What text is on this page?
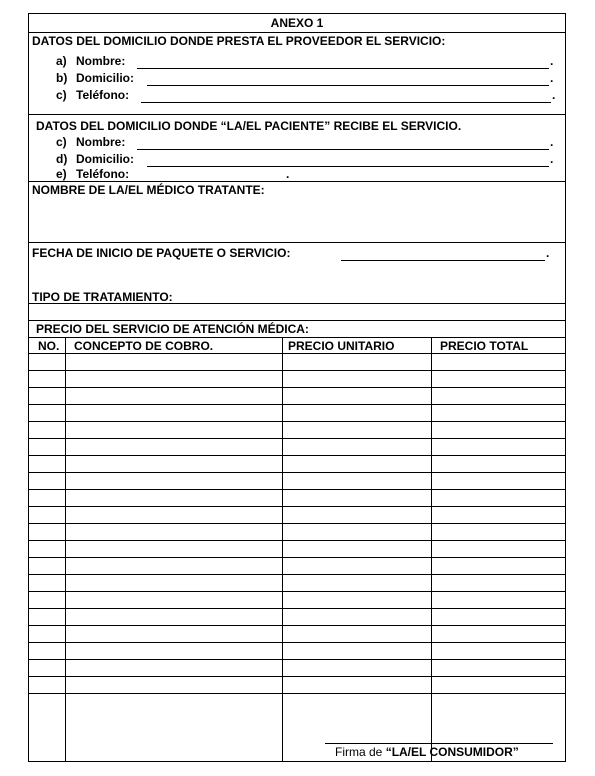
ANEXO 1
DATOS DEL DOMICILIO DONDE PRESTA EL PROVEEDOR EL SERVICIO:
a) Nombre:	.
b) Domicilio:	.
c) Teléfono:	.
DATOS DEL DOMICILIO DONDE “LA/EL PACIENTE” RECIBE EL SERVICIO.
c) Nombre:	.
d) Domicilio:	.
e) Teléfono:	.
NOMBRE DE LA/EL MÉDICO TRATANTE:
FECHA DE INICIO DE PAQUETE O SERVICIO:	.
TIPO DE TRATAMIENTO:
PRECIO DEL SERVICIO DE ATENCIÓN MÉDICA:
NO. CONCEPTO DE COBRO.	PRECIO UNITARIO	PRECIO TOTAL
Firma de “LA/EL CONSUMIDOR”
